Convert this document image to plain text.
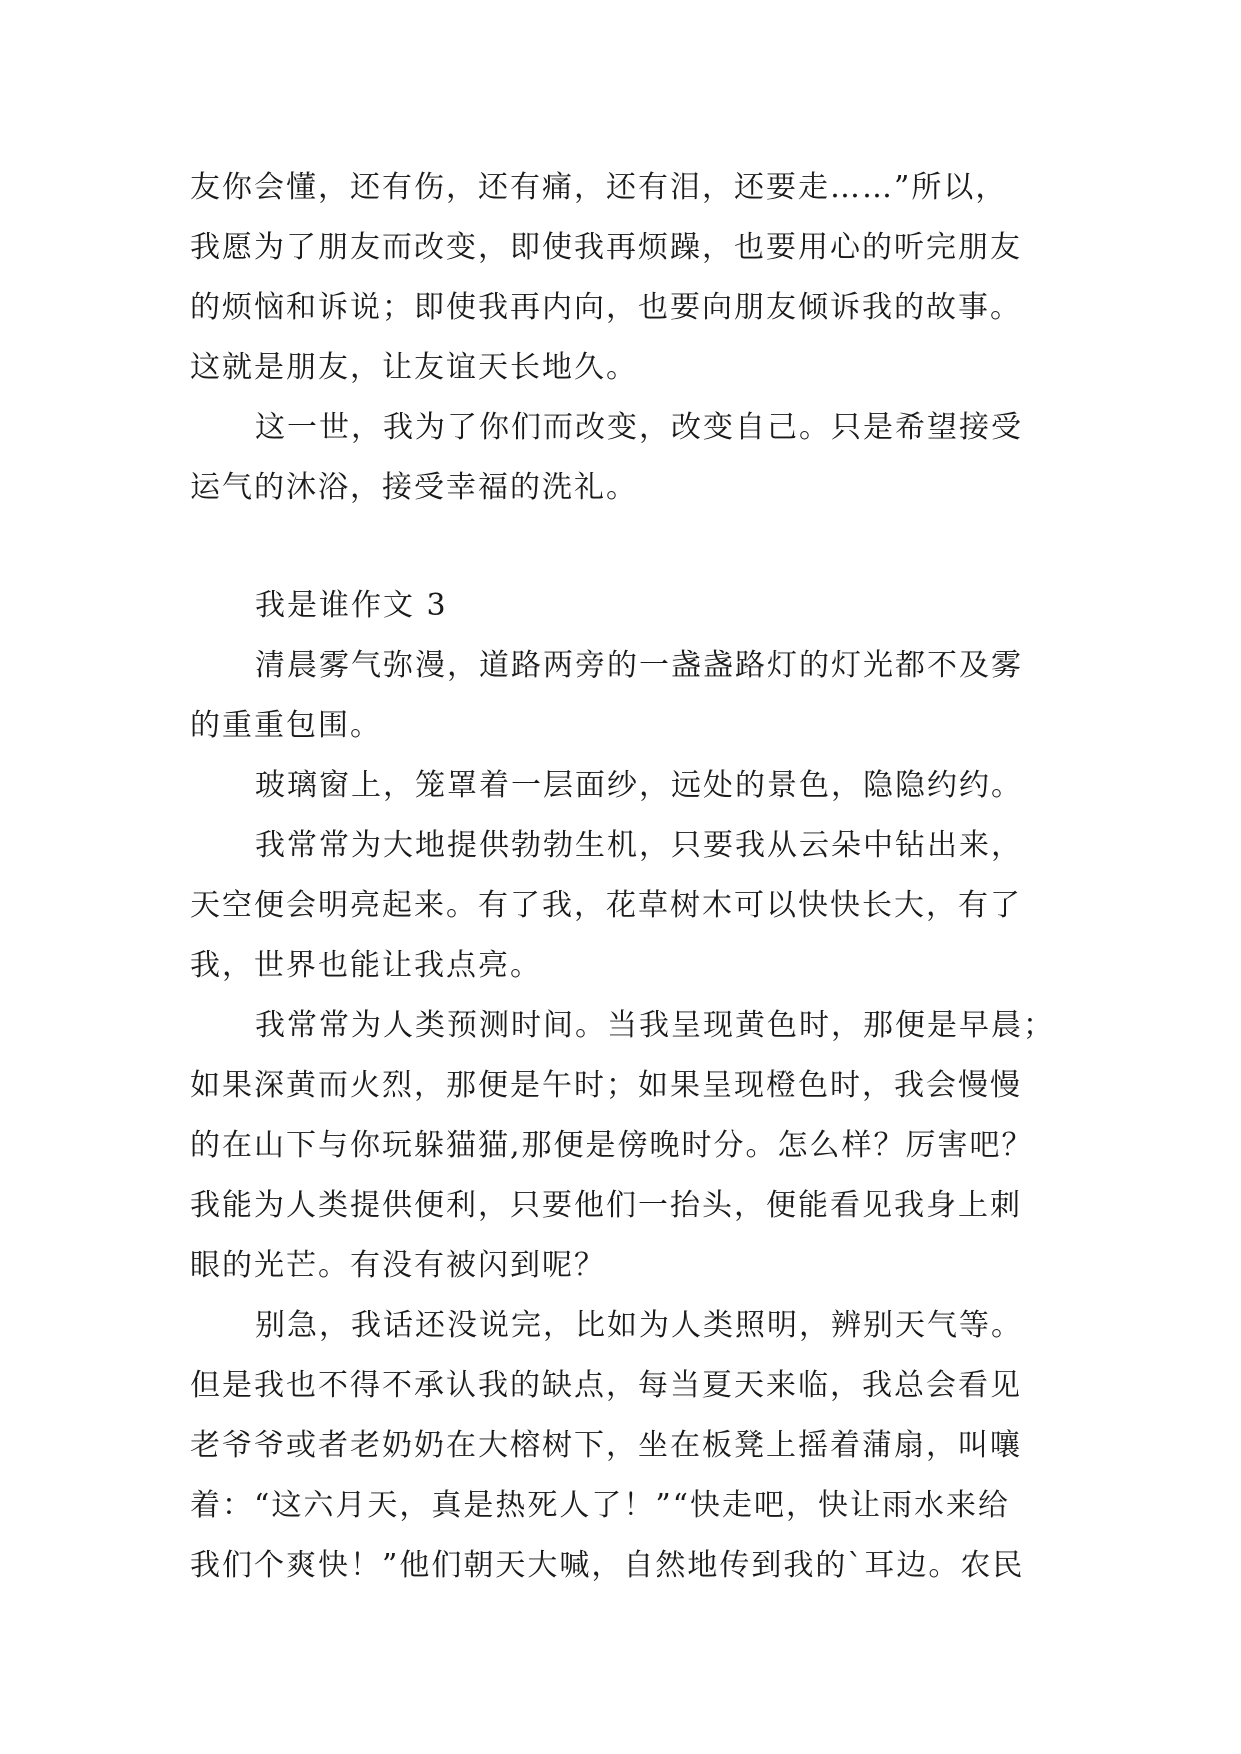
友你会懂，还有伤，还有痛，还有泪，还要走……”所以，
我愿为了朋友而改变，即使我再烦躁，也要用心的听完朋友
的烦恼和诉说；即使我再内向，也要向朋友倾诉我的故事。
这就是朋友，让友谊天长地久。
这一世，我为了你们而改变，改变自己。只是希望接受
运气的沐浴，接受幸福的洗礼。
我是谁作文 3
清晨雾气弥漫，道路两旁的一盏盏路灯的灯光都不及雾
的重重包围。
玻璃窗上，笼罩着一层面纱，远处的景色，隐隐约约。
我常常为大地提供勃勃生机，只要我从云朵中钻出来，
天空便会明亮起来。有了我，花草树木可以快快长大，有了
我，世界也能让我点亮。
我常常为人类预测时间。当我呈现黄色时，那便是早晨；
如果深黄而火烈，那便是午时；如果呈现橙色时，我会慢慢
的在山下与你玩躲猫猫,那便是傍晚时分。怎么样？厉害吧？
我能为人类提供便利，只要他们一抬头，便能看见我身上刺
眼的光芒。有没有被闪到呢？
别急，我话还没说完，比如为人类照明，辨别天气等。
但是我也不得不承认我的缺点，每当夏天来临，我总会看见
老爷爷或者老奶奶在大榕树下，坐在板凳上摇着蒲扇，叫嚷
着：“这六月天，真是热死人了！”“快走吧，快让雨水来给
我们个爽快！”他们朝天大喊，自然地传到我的`耳边。农民
